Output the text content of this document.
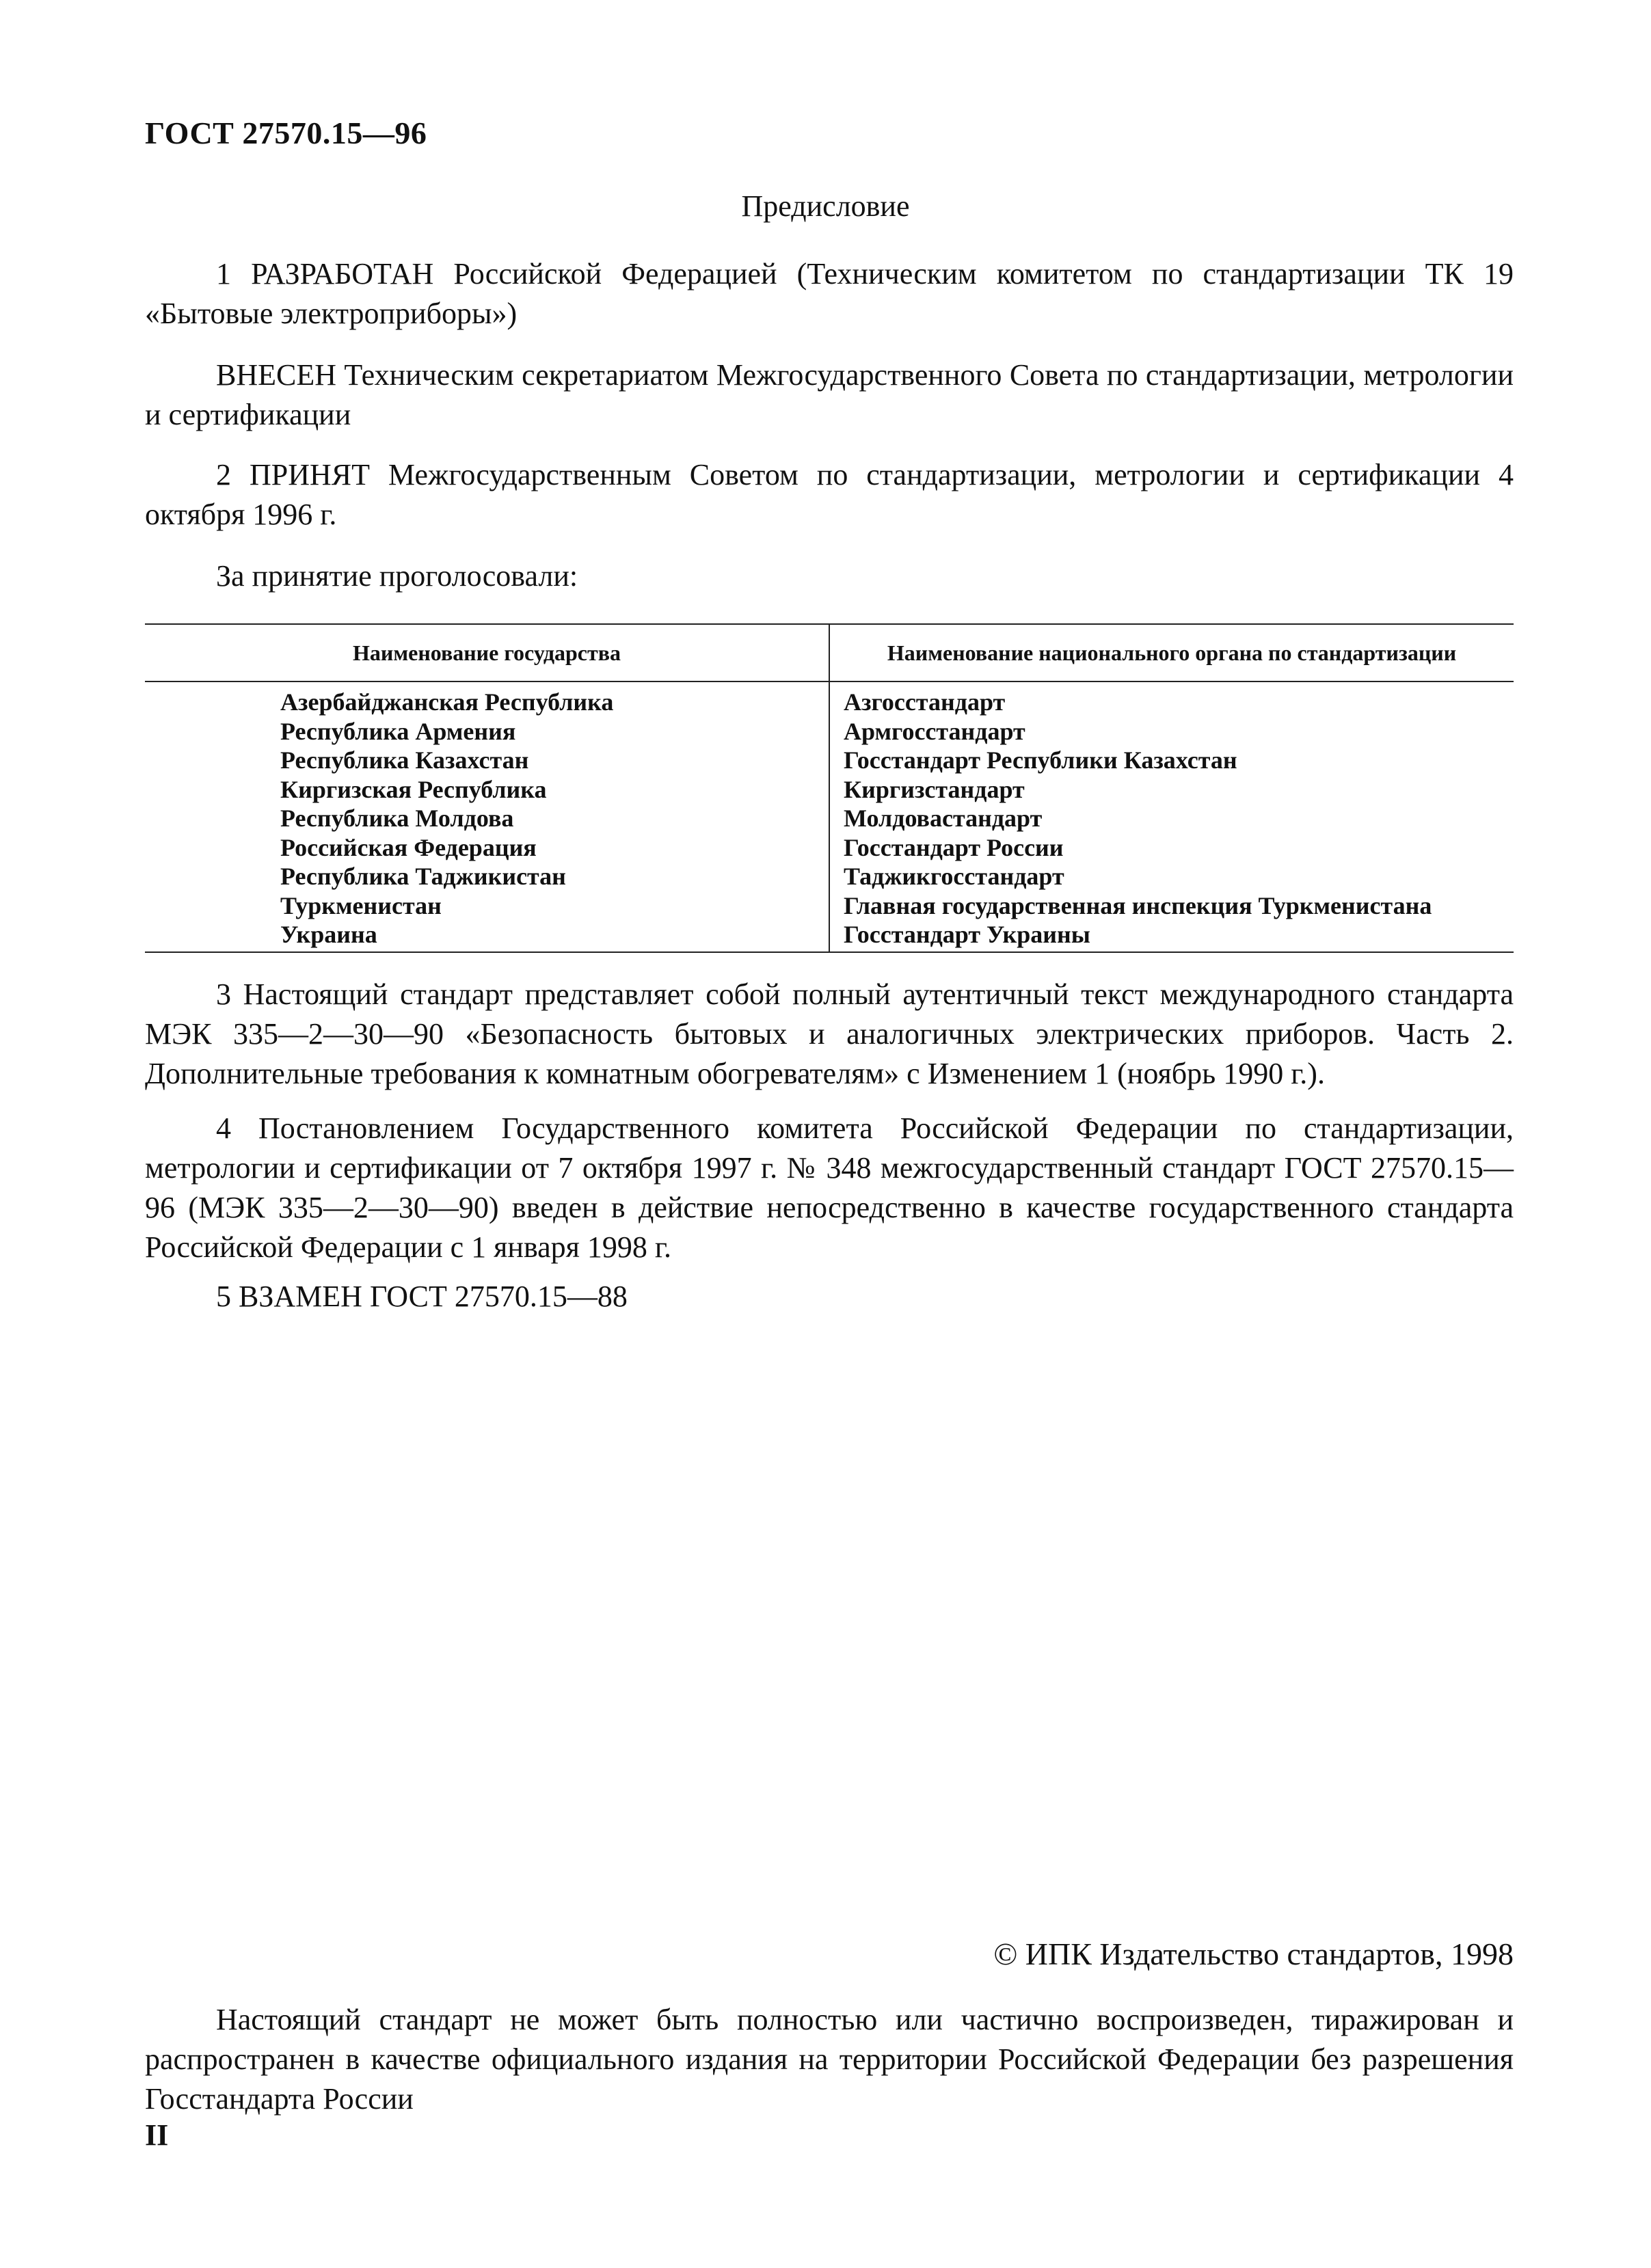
ГОСТ 27570.15—96
Предисловие
1 РАЗРАБОТАН Российской Федерацией (Техническим комитетом по стандартизации ТК 19 «Бытовые электроприборы»)
ВНЕСЕН Техническим секретариатом Межгосударственного Совета по стандартизации, метрологии и сертификации
2 ПРИНЯТ Межгосударственным Советом по стандартизации, метрологии и сертификации 4 октября 1996 г.
За принятие проголосовали:
Наименование государства	Наименование национального органа по стандартизации
Азербайджанская Республика
Республика Армения
Республика Казахстан
Киргизская Республика
Республика Молдова
Российская Федерация
Республика Таджикистан
Туркменистан
Украина
Азгосстандарт
Армгосстандарт
Госстандарт Республики Казахстан
Киргизстандарт
Молдовастандарт
Госстандарт России
Таджикгосстандарт
Главная государственная инспекция Туркменистана
Госстандарт Украины
3 Настоящий стандарт представляет собой полный аутентичный текст международного стандарта МЭК 335—2—30—90 «Безопасность бытовых и аналогичных электрических приборов. Часть 2. Дополнительные требования к комнатным обогревателям» с Изменением 1 (ноябрь 1990 г.).
4 Постановлением Государственного комитета Российской Федерации по стандартизации, метрологии и сертификации от 7 октября 1997 г. № 348 межгосударственный стандарт ГОСТ 27570.15—96 (МЭК 335—2—30—90) введен в действие непосредственно в качестве государственного стандарта Российской Федерации с 1 января 1998 г.
5 ВЗАМЕН ГОСТ 27570.15—88
© ИПК Издательство стандартов, 1998
Настоящий стандарт не может быть полностью или частично воспроизведен, тиражирован и распространен в качестве официального издания на территории Российской Федерации без разрешения Госстандарта России
II
